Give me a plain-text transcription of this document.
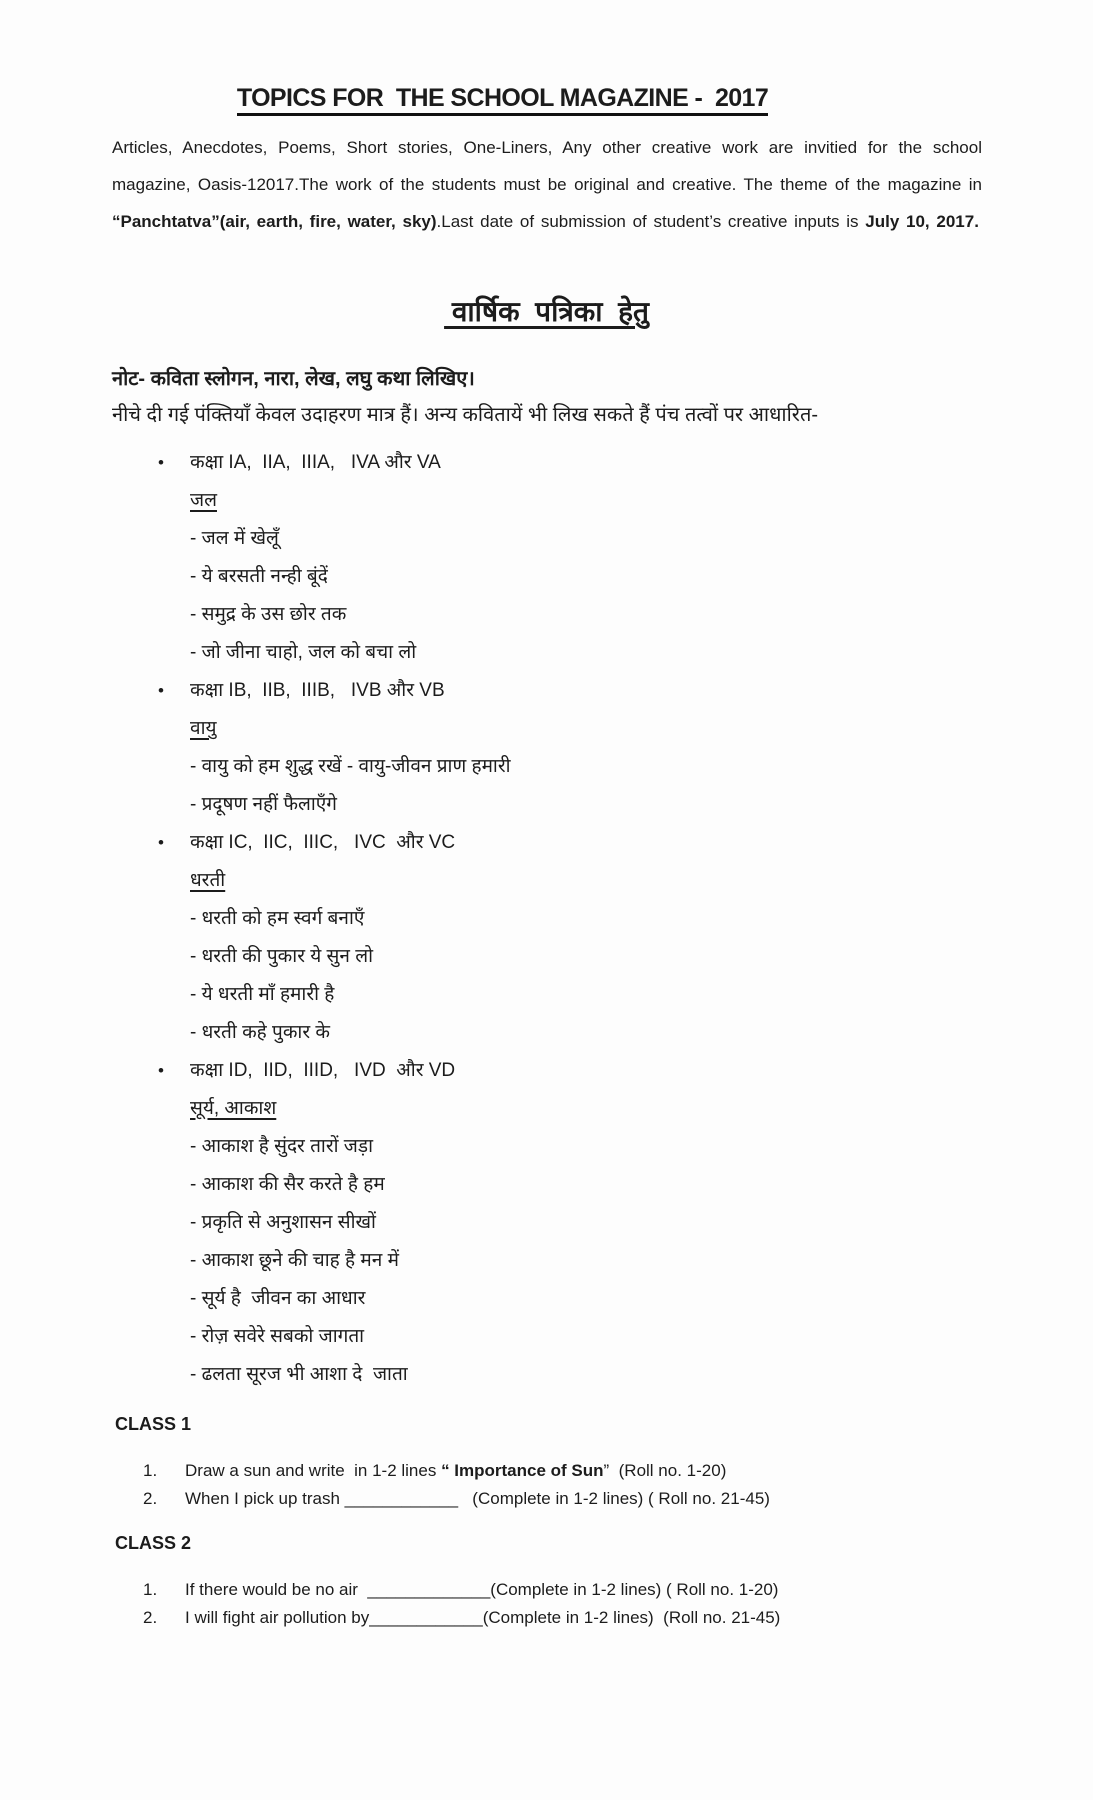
TOPICS FOR  THE SCHOOL MAGAZINE -  2017

Articles, Anecdotes, Poems, Short stories, One-Liners, Any other creative work are invitied for the school magazine, Oasis-12017.The work of the students must be original and creative. The theme of the magazine in “Panchtatva”(air, earth, fire, water, sky).Last date of submission of student’s creative inputs is July 10, 2017.

वार्षिक  पत्रिका  हेतु
नोट- कविता स्लोगन, नारा, लेख, लघु कथा लिखिए।
नीचे दी गई पंक्तियाँ केवल उदाहरण मात्र हैं। अन्य कवितायें भी लिख सकते हैं पंच तत्वों पर आधारित-
•	कक्षा IA,  IIA,  IIIA,   IVA और VA
जल
- जल में खेलूँ
- ये बरसती नन्ही बूंदें
- समुद्र के उस छोर तक
- जो जीना चाहो, जल को बचा लो
•	कक्षा IB,  IIB,  IIIB,   IVB और VB
वायु
- वायु को हम शुद्ध रखें - वायु-जीवन प्राण हमारी
- प्रदूषण नहीं फैलाएँगे
•	कक्षा IC,  IIC,  IIIC,   IVC  और VC
धरती
- धरती को हम स्वर्ग बनाएँ
- धरती की पुकार ये सुन लो
- ये धरती माँ हमारी है
- धरती कहे पुकार के
•	कक्षा ID,  IID,  IIID,   IVD  और VD
सूर्य, आकाश
- आकाश है सुंदर तारों जड़ा
- आकाश की सैर करते है हम
- प्रकृति से अनुशासन सीखों
- आकाश छूने की चाह है मन में
- सूर्य है  जीवन का आधार
- रोज़ सवेरे सबको जागता
- ढलता सूरज भी आशा दे  जाता
CLASS 1
1.	Draw a sun and write  in 1-2 lines “ Importance of Sun”  (Roll no. 1-20)
2.	When I pick up trash ____________   (Complete in 1-2 lines) ( Roll no. 21-45)
CLASS 2
1.	If there would be no air  _____________(Complete in 1-2 lines) ( Roll no. 1-20)
2.	I will fight air pollution by____________(Complete in 1-2 lines)  (Roll no. 21-45)
